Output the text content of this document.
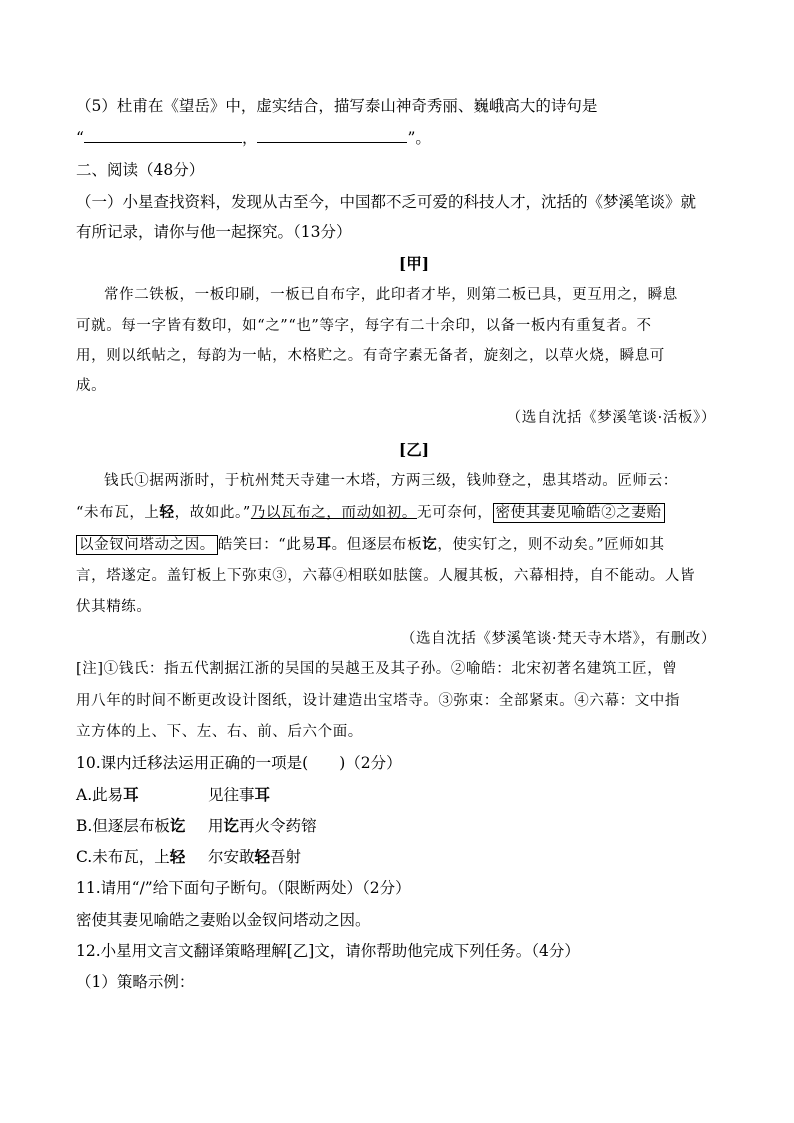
（5）杜甫在《望岳》中，虚实结合，描写泰山神奇秀丽、巍峨高大的诗句是
“	，	”。
二、阅读（48分）
（一）小星查找资料，发现从古至今，中国都不乏可爱的科技人才，沈括的《梦溪笔谈》就
有所记录，请你与他一起探究。（13分）
[甲]
常作二铁板，一板印刷，一板已自布字，此印者才毕，则第二板已具，更互用之，瞬息
可就。每一字皆有数印，如“之”“也”等字，每字有二十余印，以备一板内有重复者。不
用，则以纸帖之，每韵为一帖，木格贮之。有奇字素无备者，旋刻之，以草火烧，瞬息可
成。
（选自沈括《梦溪笔谈·活板》）
[乙]
钱氏①据两浙时，于杭州梵天寺建一木塔，方两三级，钱帅登之，患其塔动。匠师云：
“未布瓦，上轻，故如此。”乃以瓦布之，而动如初。无可奈何， 密使其妻见喻皓②之妻贻
以金钗问塔动之因。 皓笑曰：“此易耳。但逐层布板讫，使实钉之，则不动矣。”匠师如其
言，塔遂定。盖钉板上下弥束③，六幕④相联如胠箧。人履其板，六幕相持，自不能动。人皆
伏其精练。
（选自沈括《梦溪笔谈·梵天寺木塔》，有删改）
[注]①钱氏：指五代割据江浙的吴国的吴越王及其子孙。②喻皓：北宋初著名建筑工匠，曾
用八年的时间不断更改设计图纸，设计建造出宝塔寺。③弥束：全部紧束。④六幕：文中指
立方体的上、下、左、右、前、后六个面。
10.课内迁移法运用正确的一项是(　　)（2分）
A.此易耳	见往事耳
B.但逐层布板讫 用讫再火令药镕
C.未布瓦，上轻 尔安敢轻吾射
11.请用“/”给下面句子断句。（限断两处）（2分）
密使其妻见喻皓之妻贻以金钗问塔动之因。
12.小星用文言文翻译策略理解[乙]文，请你帮助他完成下列任务。（4分）
（1）策略示例：
